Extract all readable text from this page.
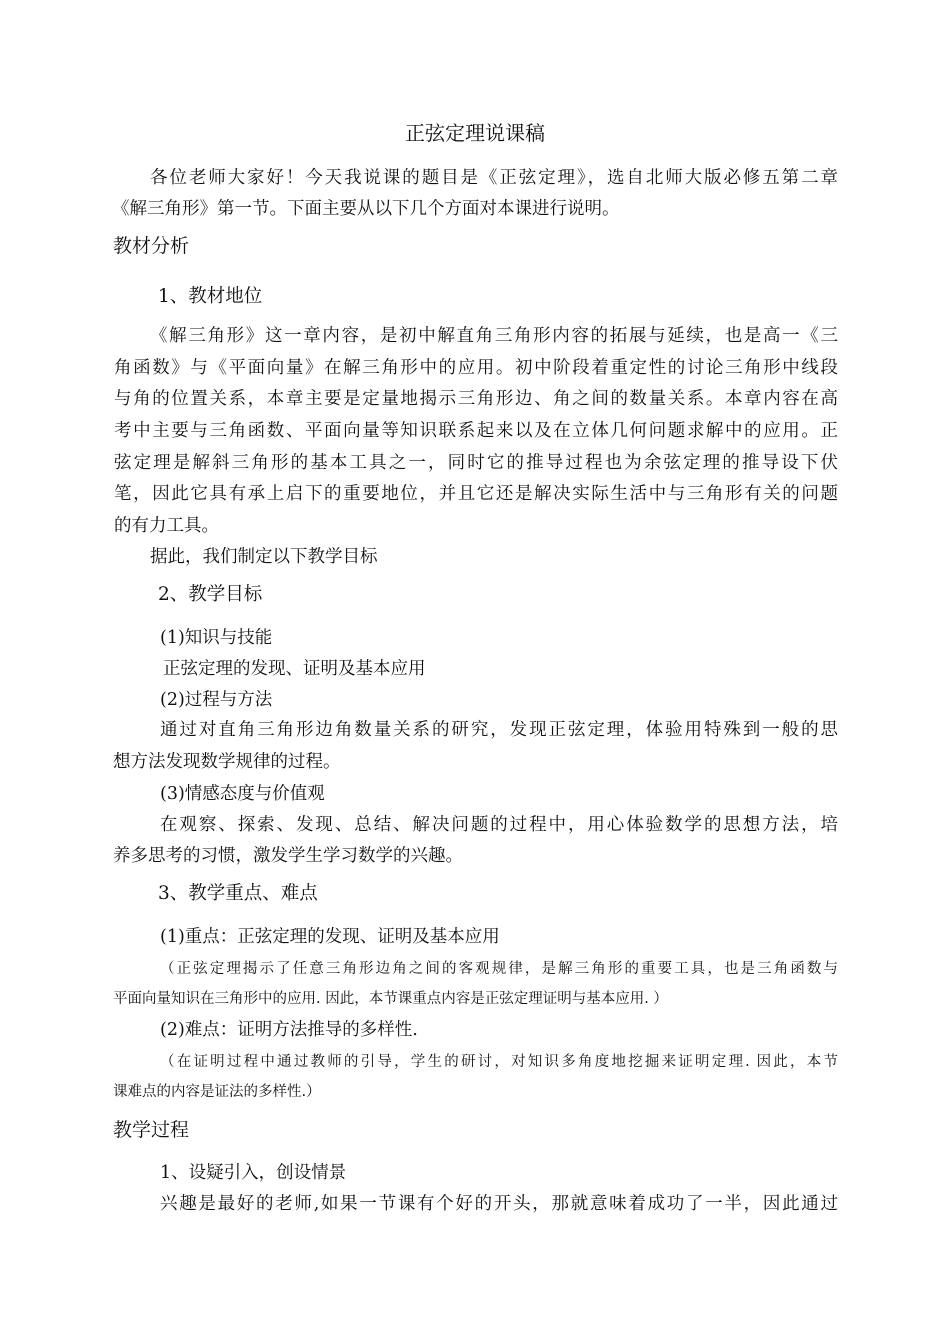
正弦定理说课稿
各位老师大家好！今天我说课的题目是《正弦定理》，选自北师大版必修五第二章
《解三角形》第一节。下面主要从以下几个方面对本课进行说明。
教材分析
1、教材地位
《解三角形》这一章内容，是初中解直角三角形内容的拓展与延续，也是高一《三
角函数》与《平面向量》在解三角形中的应用。初中阶段着重定性的讨论三角形中线段
与角的位置关系，本章主要是定量地揭示三角形边、角之间的数量关系。本章内容在高
考中主要与三角函数、平面向量等知识联系起来以及在立体几何问题求解中的应用。正
弦定理是解斜三角形的基本工具之一，同时它的推导过程也为余弦定理的推导设下伏
笔，因此它具有承上启下的重要地位，并且它还是解决实际生活中与三角形有关的问题
的有力工具。
据此，我们制定以下教学目标
2、教学目标
(1)知识与技能
正弦定理的发现、证明及基本应用
(2)过程与方法
通过对直角三角形边角数量关系的研究，发现正弦定理，体验用特殊到一般的思
想方法发现数学规律的过程。
(3)情感态度与价值观
在观察、探索、发现、总结、解决问题的过程中，用心体验数学的思想方法，培
养多思考的习惯，激发学生学习数学的兴趣。
3、教学重点、难点
(1)重点：正弦定理的发现、证明及基本应用
（正弦定理揭示了任意三角形边角之间的客观规律，是解三角形的重要工具，也是三角函数与
平面向量知识在三角形中的应用. 因此，本节课重点内容是正弦定理证明与基本应用. ）
(2)难点：证明方法推导的多样性.
（在证明过程中通过教师的引导，学生的研讨，对知识多角度地挖掘来证明定理. 因此，本节
课难点的内容是证法的多样性.）
教学过程
1、设疑引入，创设情景
兴趣是最好的老师,如果一节课有个好的开头，那就意味着成功了一半，因此通过
